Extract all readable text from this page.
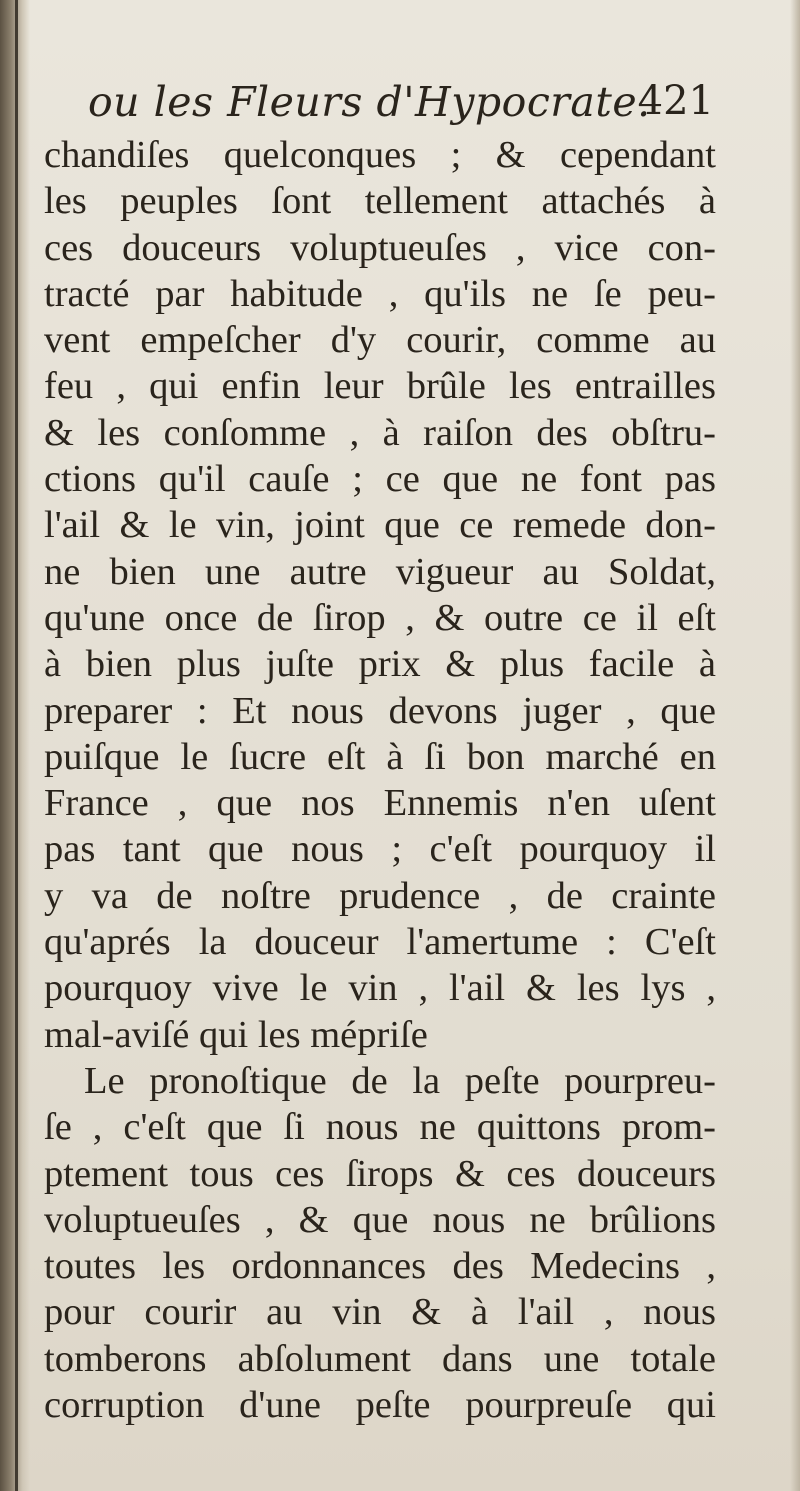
ou les Fleurs d'Hypocrate.
421
chandiſes quelconques ; & cependant
les peuples ſont tellement attachés à
ces douceurs voluptueuſes , vice con-
tracté par habitude , qu'ils ne ſe peu-
vent empeſcher d'y courir, comme au
feu , qui enfin leur brûle les entrailles
& les conſomme , à raiſon des obſtru-
ctions qu'il cauſe ; ce que ne font pas
l'ail & le vin, joint que ce remede don-
ne bien une autre vigueur au Soldat,
qu'une once de ſirop , & outre ce il eſt
à bien plus juſte prix & plus facile à
preparer : Et nous devons juger , que
puiſque le ſucre eſt à ſi bon marché en
France , que nos Ennemis n'en uſent
pas tant que nous ; c'eſt pourquoy il
y va de noſtre prudence , de crainte
qu'aprés la douceur l'amertume : C'eſt
pourquoy vive le vin , l'ail & les lys ,
mal-aviſé qui les mépriſe
Le pronoſtique de la peſte pourpreu-
ſe , c'eſt que ſi nous ne quittons prom-
ptement tous ces ſirops & ces douceurs
voluptueuſes , & que nous ne brûlions
toutes les ordonnances des Medecins ,
pour courir au vin & à l'ail , nous
tomberons abſolument dans une totale
corruption d'une peſte pourpreuſe qui
